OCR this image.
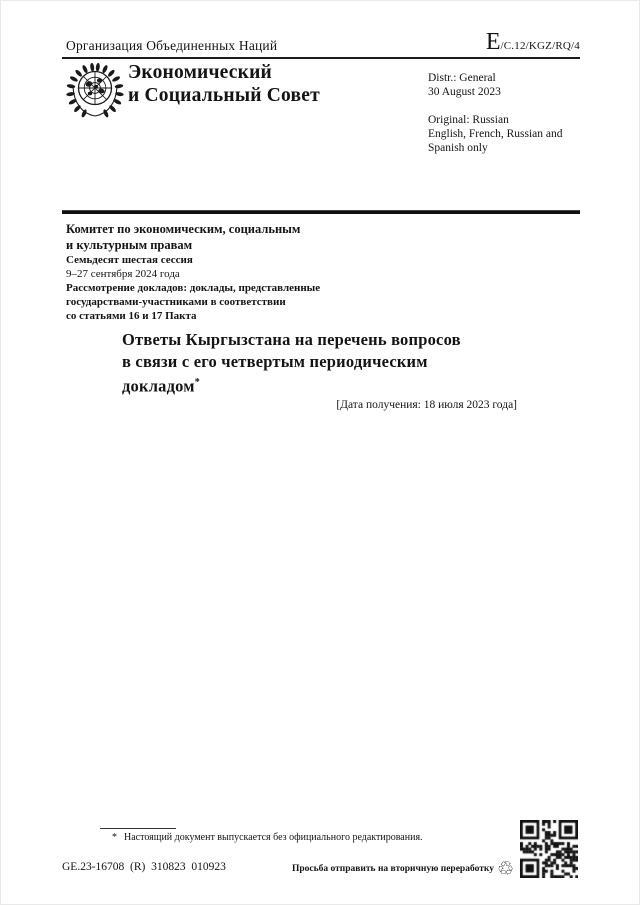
Организация Объединенных Наций	E /C.12/KGZ/RQ/4
Экономический
и Социальный Совет
Distr.: General
30 August 2023
Original: Russian
English, French, Russian and
Spanish only
Комитет по экономическим, социальным
и культурным правам
Семьдесят шестая сессия
9–27 сентября 2024 года
Рассмотрение докладов: доклады, представленные
государствами-участниками в соответствии
со статьями 16 и 17 Пакта
Ответы Кыргызстана на перечень вопросов
в связи с его четвертым периодическим
докладом*
[Дата получения: 18 июля 2023 года]
* Настоящий документ выпускается без официального редактирования.
GE.23-16708  (R)  310823  010923	Просьба отправить на вторичную переработку ♲
